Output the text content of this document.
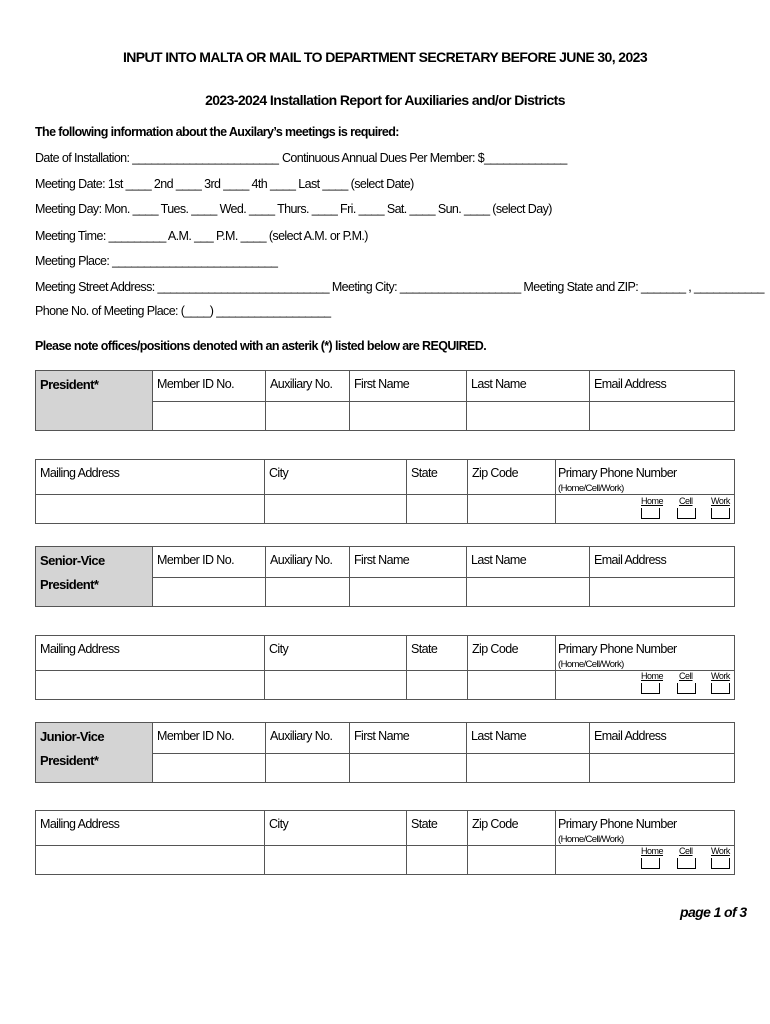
INPUT INTO MALTA OR MAIL TO DEPARTMENT SECRETARY BEFORE JUNE 30, 2023
2023-2024 Installation Report for Auxiliaries and/or Districts
The following information about the Auxilary’s meetings is required:
Date of Installation: _______________________ Continuous Annual Dues Per Member: $_____________
Meeting Date: 1st ____ 2nd ____ 3rd ____ 4th ____ Last ____ (select Date)
Meeting Day: Mon. ____ Tues. ____ Wed. ____ Thurs. ____ Fri. ____ Sat. ____ Sun. ____ (select Day)
Meeting Time: _________ A.M. ___ P.M. ____ (select A.M. or P.M.)
Meeting Place: __________________________
Meeting Street Address: ___________________________ Meeting City: ___________________ Meeting State and ZIP: _______ , ___________
Phone No. of Meeting Place: (____) __________________
Please note offices/positions denoted with an asterik (*) listed below are REQUIRED.
President*	Member ID No.	Auxiliary No.	First Name	Last Name	Email Address

Mailing Address	City	State	Zip Code	Primary Phone Number (Home/Cell/Work)

Home Cell Work
Senior-Vice
President*	Member ID No.	Auxiliary No.	First Name	Last Name	Email Address

Mailing Address	City	State	Zip Code	Primary Phone Number (Home/Cell/Work)

Home Cell Work
Junior-Vice
President*	Member ID No.	Auxiliary No.	First Name	Last Name	Email Address

Mailing Address	City	State	Zip Code	Primary Phone Number (Home/Cell/Work)

Home Cell Work
page 1 of 3
